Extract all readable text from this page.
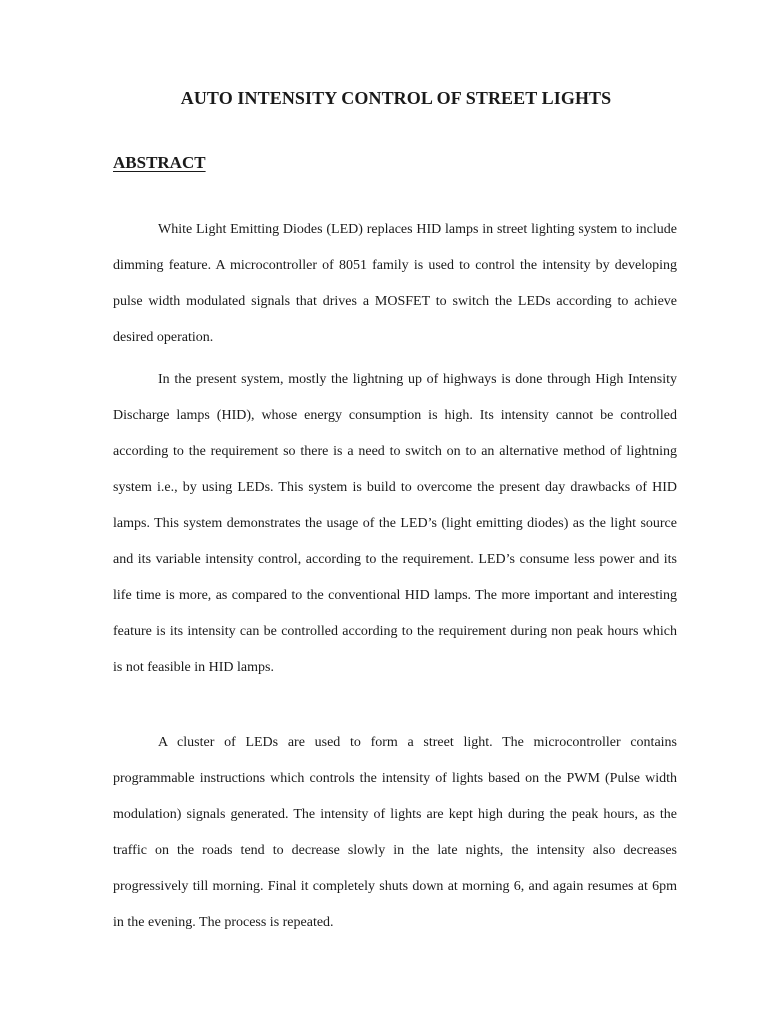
AUTO INTENSITY CONTROL OF STREET LIGHTS
ABSTRACT

White Light Emitting Diodes (LED) replaces HID lamps in street lighting system to include dimming feature. A microcontroller of 8051 family is used to control the intensity by developing pulse width modulated signals that drives a MOSFET to switch the LEDs according to achieve desired operation.

In the present system, mostly the lightning up of highways is done through High Intensity Discharge lamps (HID), whose energy consumption is high. Its intensity cannot be controlled according to the requirement so there is a need to switch on to an alternative method of lightning system i.e., by using LEDs. This system is build to overcome the present day drawbacks of HID lamps. This system demonstrates the usage of the LED’s (light emitting diodes) as the light source and its variable intensity control, according to the requirement. LED’s consume less power and its life time is more, as compared to the conventional HID lamps. The more important and interesting feature is its intensity can be controlled according to the requirement during non peak hours which is not feasible in HID lamps.

A cluster of LEDs are used to form a street light. The microcontroller contains programmable instructions which controls the intensity of lights based on the PWM (Pulse width modulation) signals generated. The intensity of lights are kept high during the peak hours, as the traffic on the roads tend to decrease slowly in the late nights, the intensity also decreases progressively till morning. Final it completely shuts down at morning 6, and again resumes at 6pm in the evening. The process is repeated.
